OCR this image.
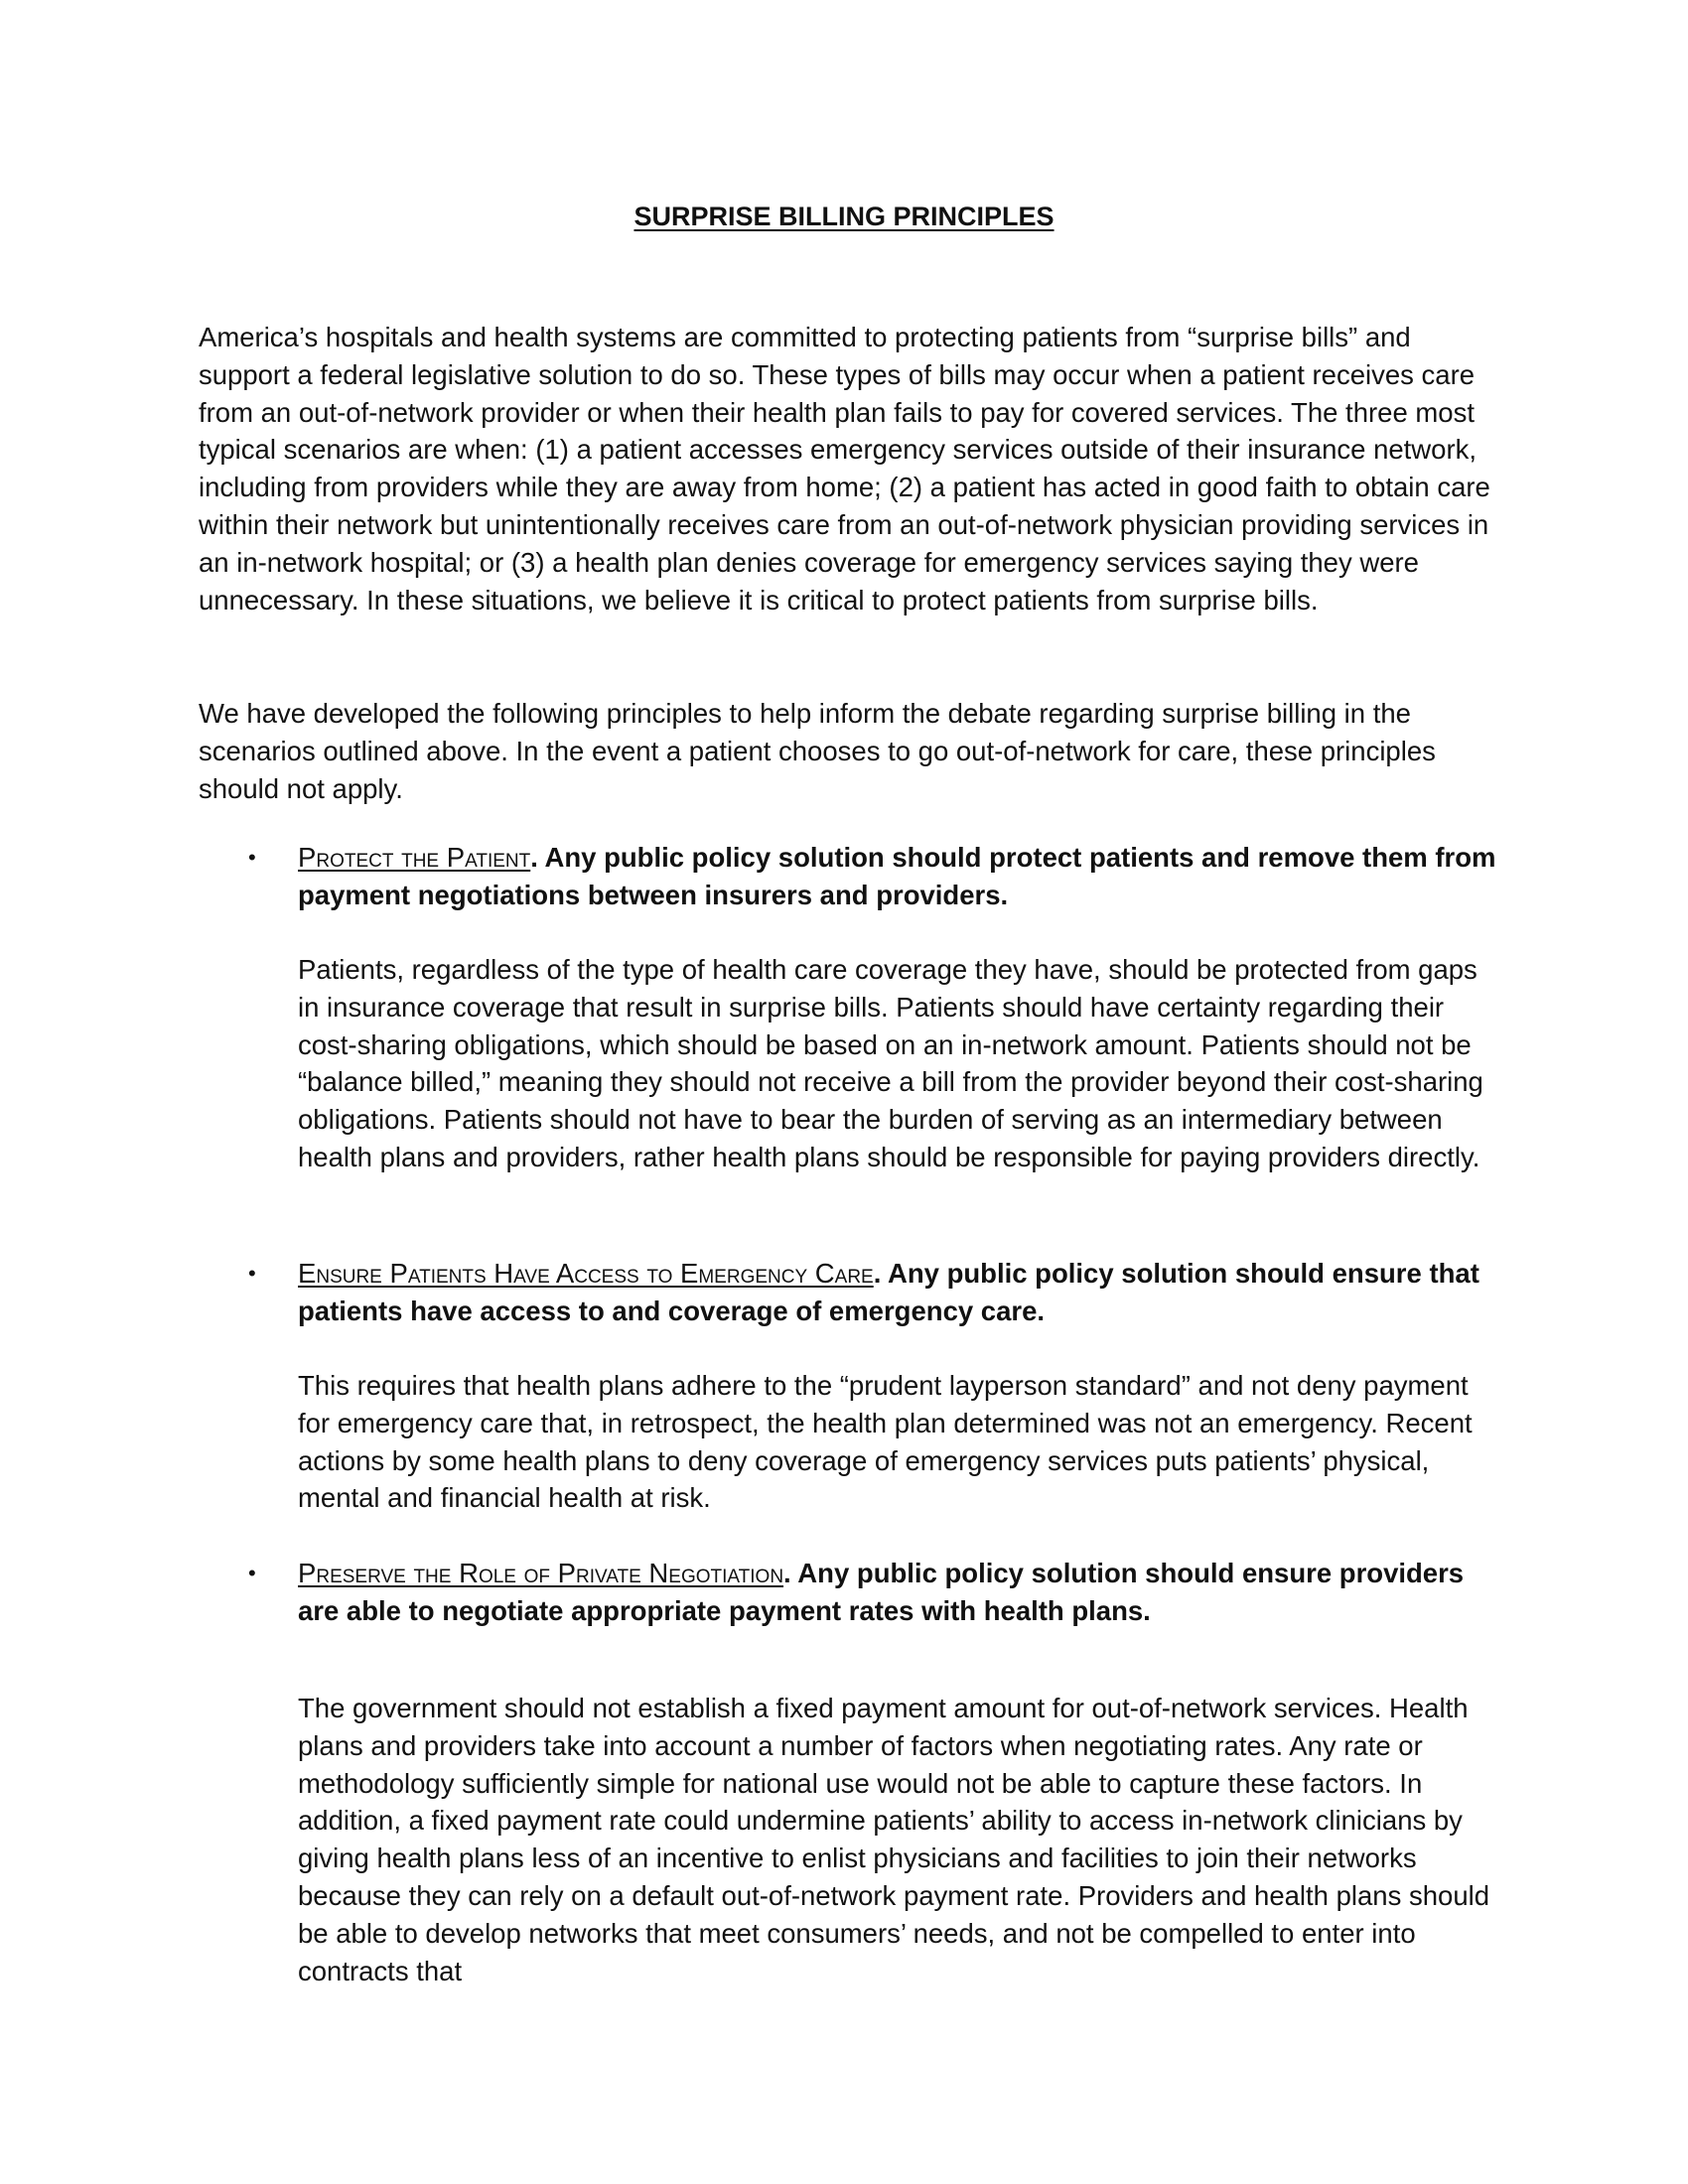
SURPRISE BILLING PRINCIPLES

America’s hospitals and health systems are committed to protecting patients from “surprise bills” and support a federal legislative solution to do so. These types of bills may occur when a patient receives care from an out-of-network provider or when their health plan fails to pay for covered services. The three most typical scenarios are when: (1) a patient accesses emergency services outside of their insurance network, including from providers while they are away from home; (2) a patient has acted in good faith to obtain care within their network but unintentionally receives care from an out-of-network physician providing services in an in-network hospital; or (3) a health plan denies coverage for emergency services saying they were unnecessary. In these situations, we believe it is critical to protect patients from surprise bills.

We have developed the following principles to help inform the debate regarding surprise billing in the scenarios outlined above. In the event a patient chooses to go out-of-network for care, these principles should not apply.

• Protect the Patient. Any public policy solution should protect patients and remove them from payment negotiations between insurers and providers.

Patients, regardless of the type of health care coverage they have, should be protected from gaps in insurance coverage that result in surprise bills. Patients should have certainty regarding their cost-sharing obligations, which should be based on an in-network amount. Patients should not be “balance billed,” meaning they should not receive a bill from the provider beyond their cost-sharing obligations. Patients should not have to bear the burden of serving as an intermediary between health plans and providers, rather health plans should be responsible for paying providers directly.

• Ensure Patients Have Access to Emergency Care. Any public policy solution should ensure that patients have access to and coverage of emergency care.

This requires that health plans adhere to the “prudent layperson standard” and not deny payment for emergency care that, in retrospect, the health plan determined was not an emergency. Recent actions by some health plans to deny coverage of emergency services puts patients’ physical, mental and financial health at risk.

• Preserve the Role of Private Negotiation. Any public policy solution should ensure providers are able to negotiate appropriate payment rates with health plans.

The government should not establish a fixed payment amount for out-of-network services. Health plans and providers take into account a number of factors when negotiating rates. Any rate or methodology sufficiently simple for national use would not be able to capture these factors. In addition, a fixed payment rate could undermine patients’ ability to access in-network clinicians by giving health plans less of an incentive to enlist physicians and facilities to join their networks because they can rely on a default out-of-network payment rate. Providers and health plans should be able to develop networks that meet consumers’ needs, and not be compelled to enter into contracts that
